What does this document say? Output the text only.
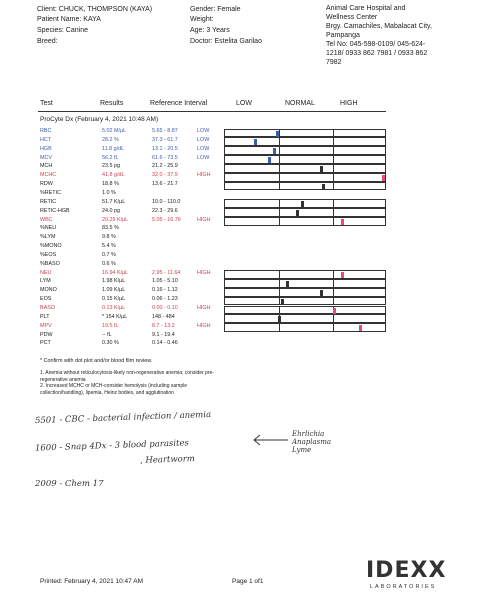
Client: CHUCK, THOMPSON (KAYA)
Patient Name: KAYA
Species: Canine
Breed:
Gender: Female
Weight:
Age: 3 Years
Doctor: Estelita Garilao
Animal Care Hospital and
Wellness Center
Brgy. Camachiles, Mabalacat City,
Pampanga
Tel No: 045-598-0109/ 045-624-
1218/ 0933 862 7981 / 0933 862
7982
Test	Results	Reference Interval	LOW	NORMAL	HIGH
ProCyte Dx (February 4, 2021 10:48 AM)
RBC	5.02 M/µL	5.65 - 8.87	LOW
HCT	28.2 %	37.3 - 61.7	LOW
HGB	11.8 g/dL	13.1 - 20.5	LOW
MCV	56.2 fL	61.6 - 73.5	LOW
MCH	23.5 pg	21.2 - 25.9
MCHC	41.8 g/dL	32.0 - 37.9	HIGH
RDW	18.8 %	13.6 - 21.7
%RETIC	1.0 %
RETIC	51.7 K/µL	10.0 - 110.0
RETIC-HGB	24.0 pg	22.3 - 29.6
WBC	20.29 K/µL	5.05 - 16.76	HIGH
%NEU	83.5 %
%LYM	9.8 %
%MONO	5.4 %
%EOS	0.7 %
%BASO	0.6 %
NEU	16.94 K/µL	2.95 - 11.64	HIGH
LYM	1.98 K/µL	1.05 - 5.10
MONO	1.09 K/µL	0.16 - 1.12
EOS	0.15 K/µL	0.06 - 1.23
BASO	0.13 K/µL	0.00 - 0.10	HIGH
PLT	* 154 K/µL	148 - 484
MPV	19.5 fL	8.7 - 13.2	HIGH
PDW	-- fL	9.1 - 19.4
PCT	0.30 %	0.14 - 0.46
* Confirm with dot plot and/or blood film review.
1. Anemia without reticulocytosis-likely non-regenerative anemia; consider pre-
regenerative anemia
2. Increased MCHC or MCH-consider hemolysis (including sample
collection/handling), lipemia, Heinz bodies, and agglutination
5501 - CBC - bacterial infection / anemia
1600 - Snap 4Dx - 3 blood parasites
, Heartworm
Ehrlichia
Anaplasma
Lyme
2009 - Chem 17
Printed: February 4, 2021 10:47 AM	Page 1 of1	IDEXX
LABORATORIES
